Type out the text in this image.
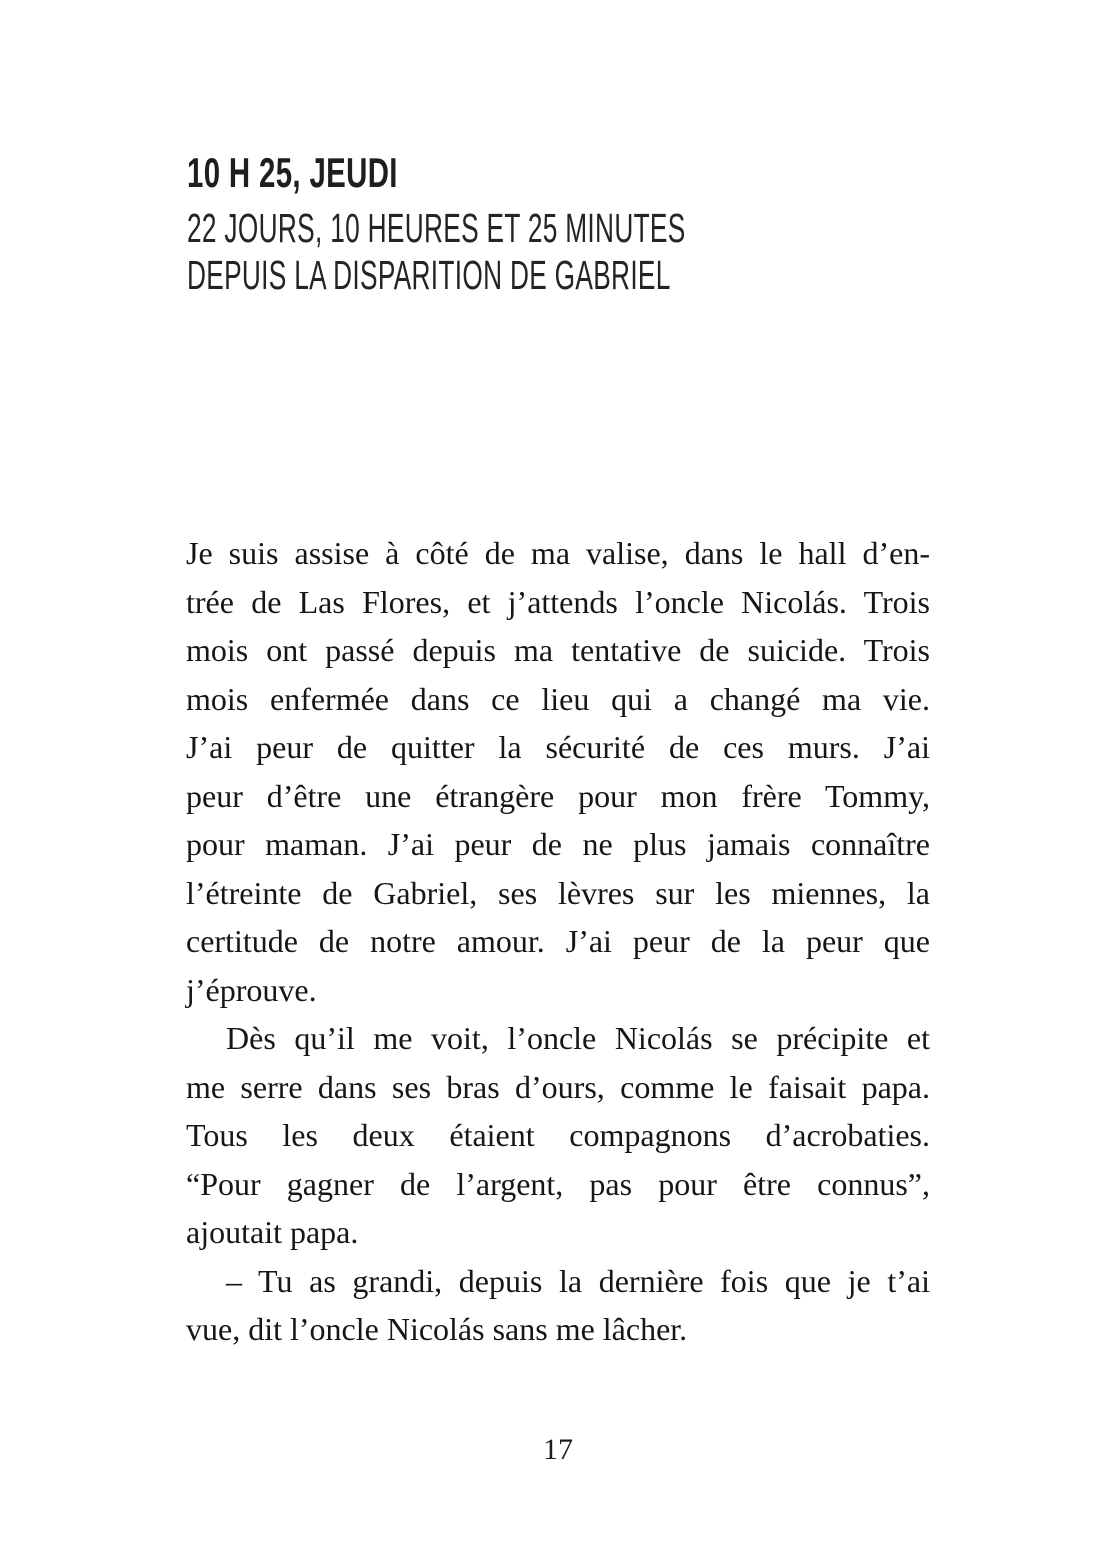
10 H 25, JEUDI
22 JOURS, 10 HEURES ET 25 MINUTES
DEPUIS LA DISPARITION DE GABRIEL
Je suis assise à côté de ma valise, dans le hall d’en-
trée de Las Flores, et j’attends l’oncle Nicolás. Trois
mois ont passé depuis ma tentative de suicide. Trois
mois enfermée dans ce lieu qui a changé ma vie.
J’ai peur de quitter la sécurité de ces murs. J’ai
peur d’être une étrangère pour mon frère Tommy,
pour maman. J’ai peur de ne plus jamais connaître
l’étreinte de Gabriel, ses lèvres sur les miennes, la
certitude de notre amour. J’ai peur de la peur que
j’éprouve.
Dès qu’il me voit, l’oncle Nicolás se précipite et
me serre dans ses bras d’ours, comme le faisait papa.
Tous les deux étaient compagnons d’acrobaties.
“Pour gagner de l’argent, pas pour être connus”,
ajoutait papa.
– Tu as grandi, depuis la dernière fois que je t’ai
vue, dit l’oncle Nicolás sans me lâcher.
17
